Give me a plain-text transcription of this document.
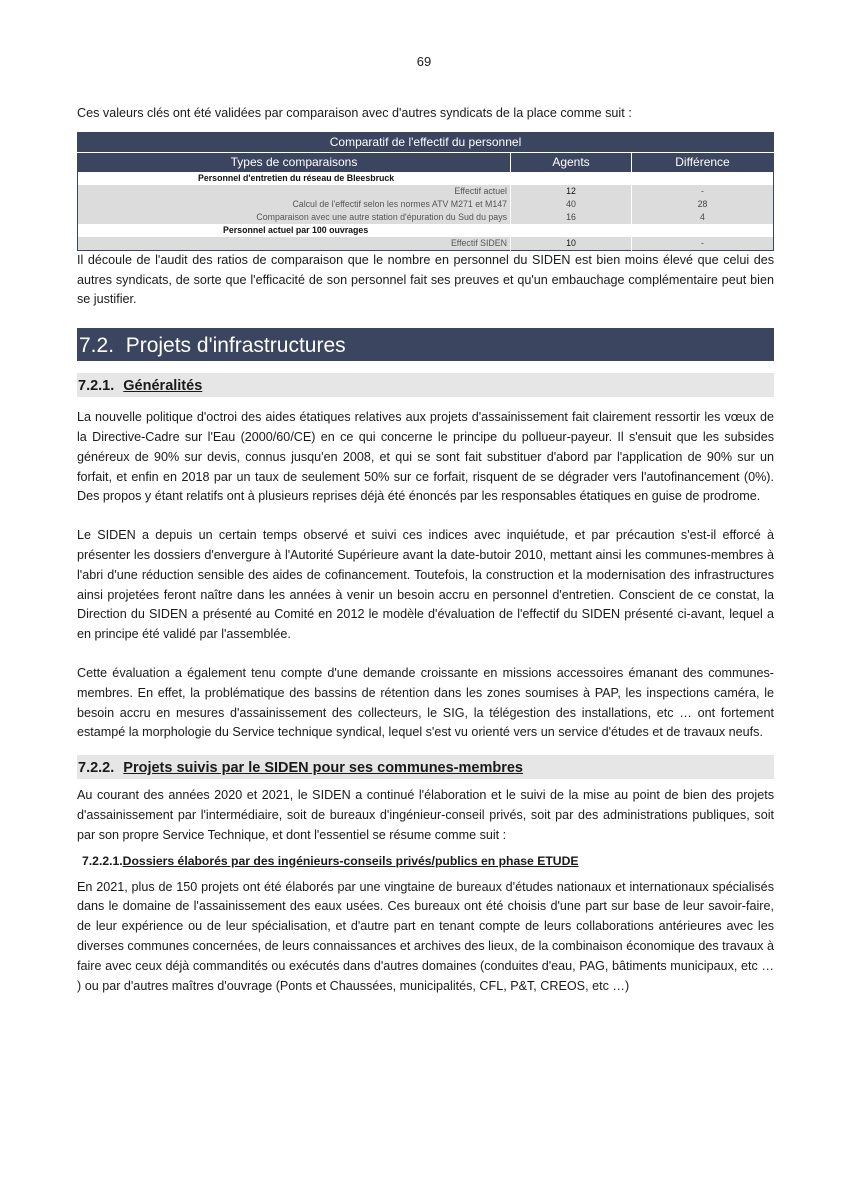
69

Ces valeurs clés ont été validées par comparaison avec d'autres syndicats de la place comme suit :

Comparatif de l'effectif du personnel		
Types de comparaisons	Agents	Différence
Personnel d'entretien du réseau de Bleesbruck		
Effectif actuel	12	-
Calcul de l'effectif selon les normes ATV M271 et M147	40	28
Comparaison avec une autre station d'épuration du Sud du pays	16	4
Personnel actuel par 100 ouvrages		
Effectif SIDEN	10	-

Il découle de l'audit des ratios de comparaison que le nombre en personnel du SIDEN est bien moins élevé que celui des autres syndicats, de sorte que l'efficacité de son personnel fait ses preuves et qu'un embauchage complémentaire peut bien se justifier.

7.2. Projets d'infrastructures
7.2.1. Généralités

La nouvelle politique d'octroi des aides étatiques relatives aux projets d'assainissement fait clairement ressortir les vœux de la Directive-Cadre sur l'Eau (2000/60/CE) en ce qui concerne le principe du pollueur-payeur. Il s'ensuit que les subsides généreux de 90% sur devis, connus jusqu'en 2008, et qui se sont fait substituer d'abord par l'application de 90% sur un forfait, et enfin en 2018 par un taux de seulement 50% sur ce forfait, risquent de se dégrader vers l'autofinancement (0%). Des propos y étant relatifs ont à plusieurs reprises déjà été énoncés par les responsables étatiques en guise de prodrome.

Le SIDEN a depuis un certain temps observé et suivi ces indices avec inquiétude, et par précaution s'est-il efforcé à présenter les dossiers d'envergure à l'Autorité Supérieure avant la date-butoir 2010, mettant ainsi les communes-membres à l'abri d'une réduction sensible des aides de cofinancement. Toutefois, la construction et la modernisation des infrastructures ainsi projetées feront naître dans les années à venir un besoin accru en personnel d'entretien. Conscient de ce constat, la Direction du SIDEN a présenté au Comité en 2012 le modèle d'évaluation de l'effectif du SIDEN présenté ci-avant, lequel a en principe été validé par l'assemblée.

Cette évaluation a également tenu compte d'une demande croissante en missions accessoires émanant des communes-membres. En effet, la problématique des bassins de rétention dans les zones soumises à PAP, les inspections caméra, le besoin accru en mesures d'assainissement des collecteurs, le SIG, la télégestion des installations, etc … ont fortement estampé la morphologie du Service technique syndical, lequel s'est vu orienté vers un service d'études et de travaux neufs.

7.2.2. Projets suivis par le SIDEN pour ses communes-membres

Au courant des années 2020 et 2021, le SIDEN a continué l'élaboration et le suivi de la mise au point de bien des projets d'assainissement par l'intermédiaire, soit de bureaux d'ingénieur-conseil privés, soit par des administrations publiques, soit par son propre Service Technique, et dont l'essentiel se résume comme suit :

7.2.2.1.Dossiers élaborés par des ingénieurs-conseils privés/publics en phase ETUDE

En 2021, plus de 150 projets ont été élaborés par une vingtaine de bureaux d'études nationaux et internationaux spécialisés dans le domaine de l'assainissement des eaux usées. Ces bureaux ont été choisis d'une part sur base de leur savoir-faire, de leur expérience ou de leur spécialisation, et d'autre part en tenant compte de leurs collaborations antérieures avec les diverses communes concernées, de leurs connaissances et archives des lieux, de la combinaison économique des travaux à faire avec ceux déjà commandités ou exécutés dans d'autres domaines (conduites d'eau, PAG, bâtiments municipaux, etc … ) ou par d'autres maîtres d'ouvrage (Ponts et Chaussées, municipalités, CFL, P&T, CREOS, etc …)
